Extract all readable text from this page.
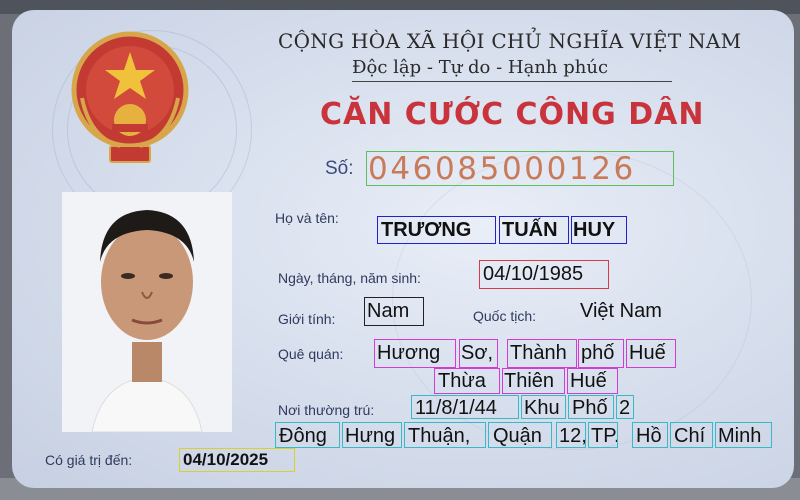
CỘNG HÒA XÃ HỘI CHỦ NGHĨA VIỆT NAM
Độc lập - Tự do - Hạnh phúc
CĂN CƯỚC CÔNG DÂN
Số: 046085000126
Họ và tên:
TRƯƠNG TUẤN HUY
Ngày, tháng, năm sinh:	04/10/1985
Giới tính: Nam	Quốc tịch: Việt Nam
Quê quán: Hương Sơ, Thành phố Huế
Thừa Thiên Huế
Nơi thường trú: 11/8/1/44 Khu Phố 2
Đông Hưng Thuận, Quận 12, TP. Hồ Chí Minh
Có giá trị đến:	04/10/2025
